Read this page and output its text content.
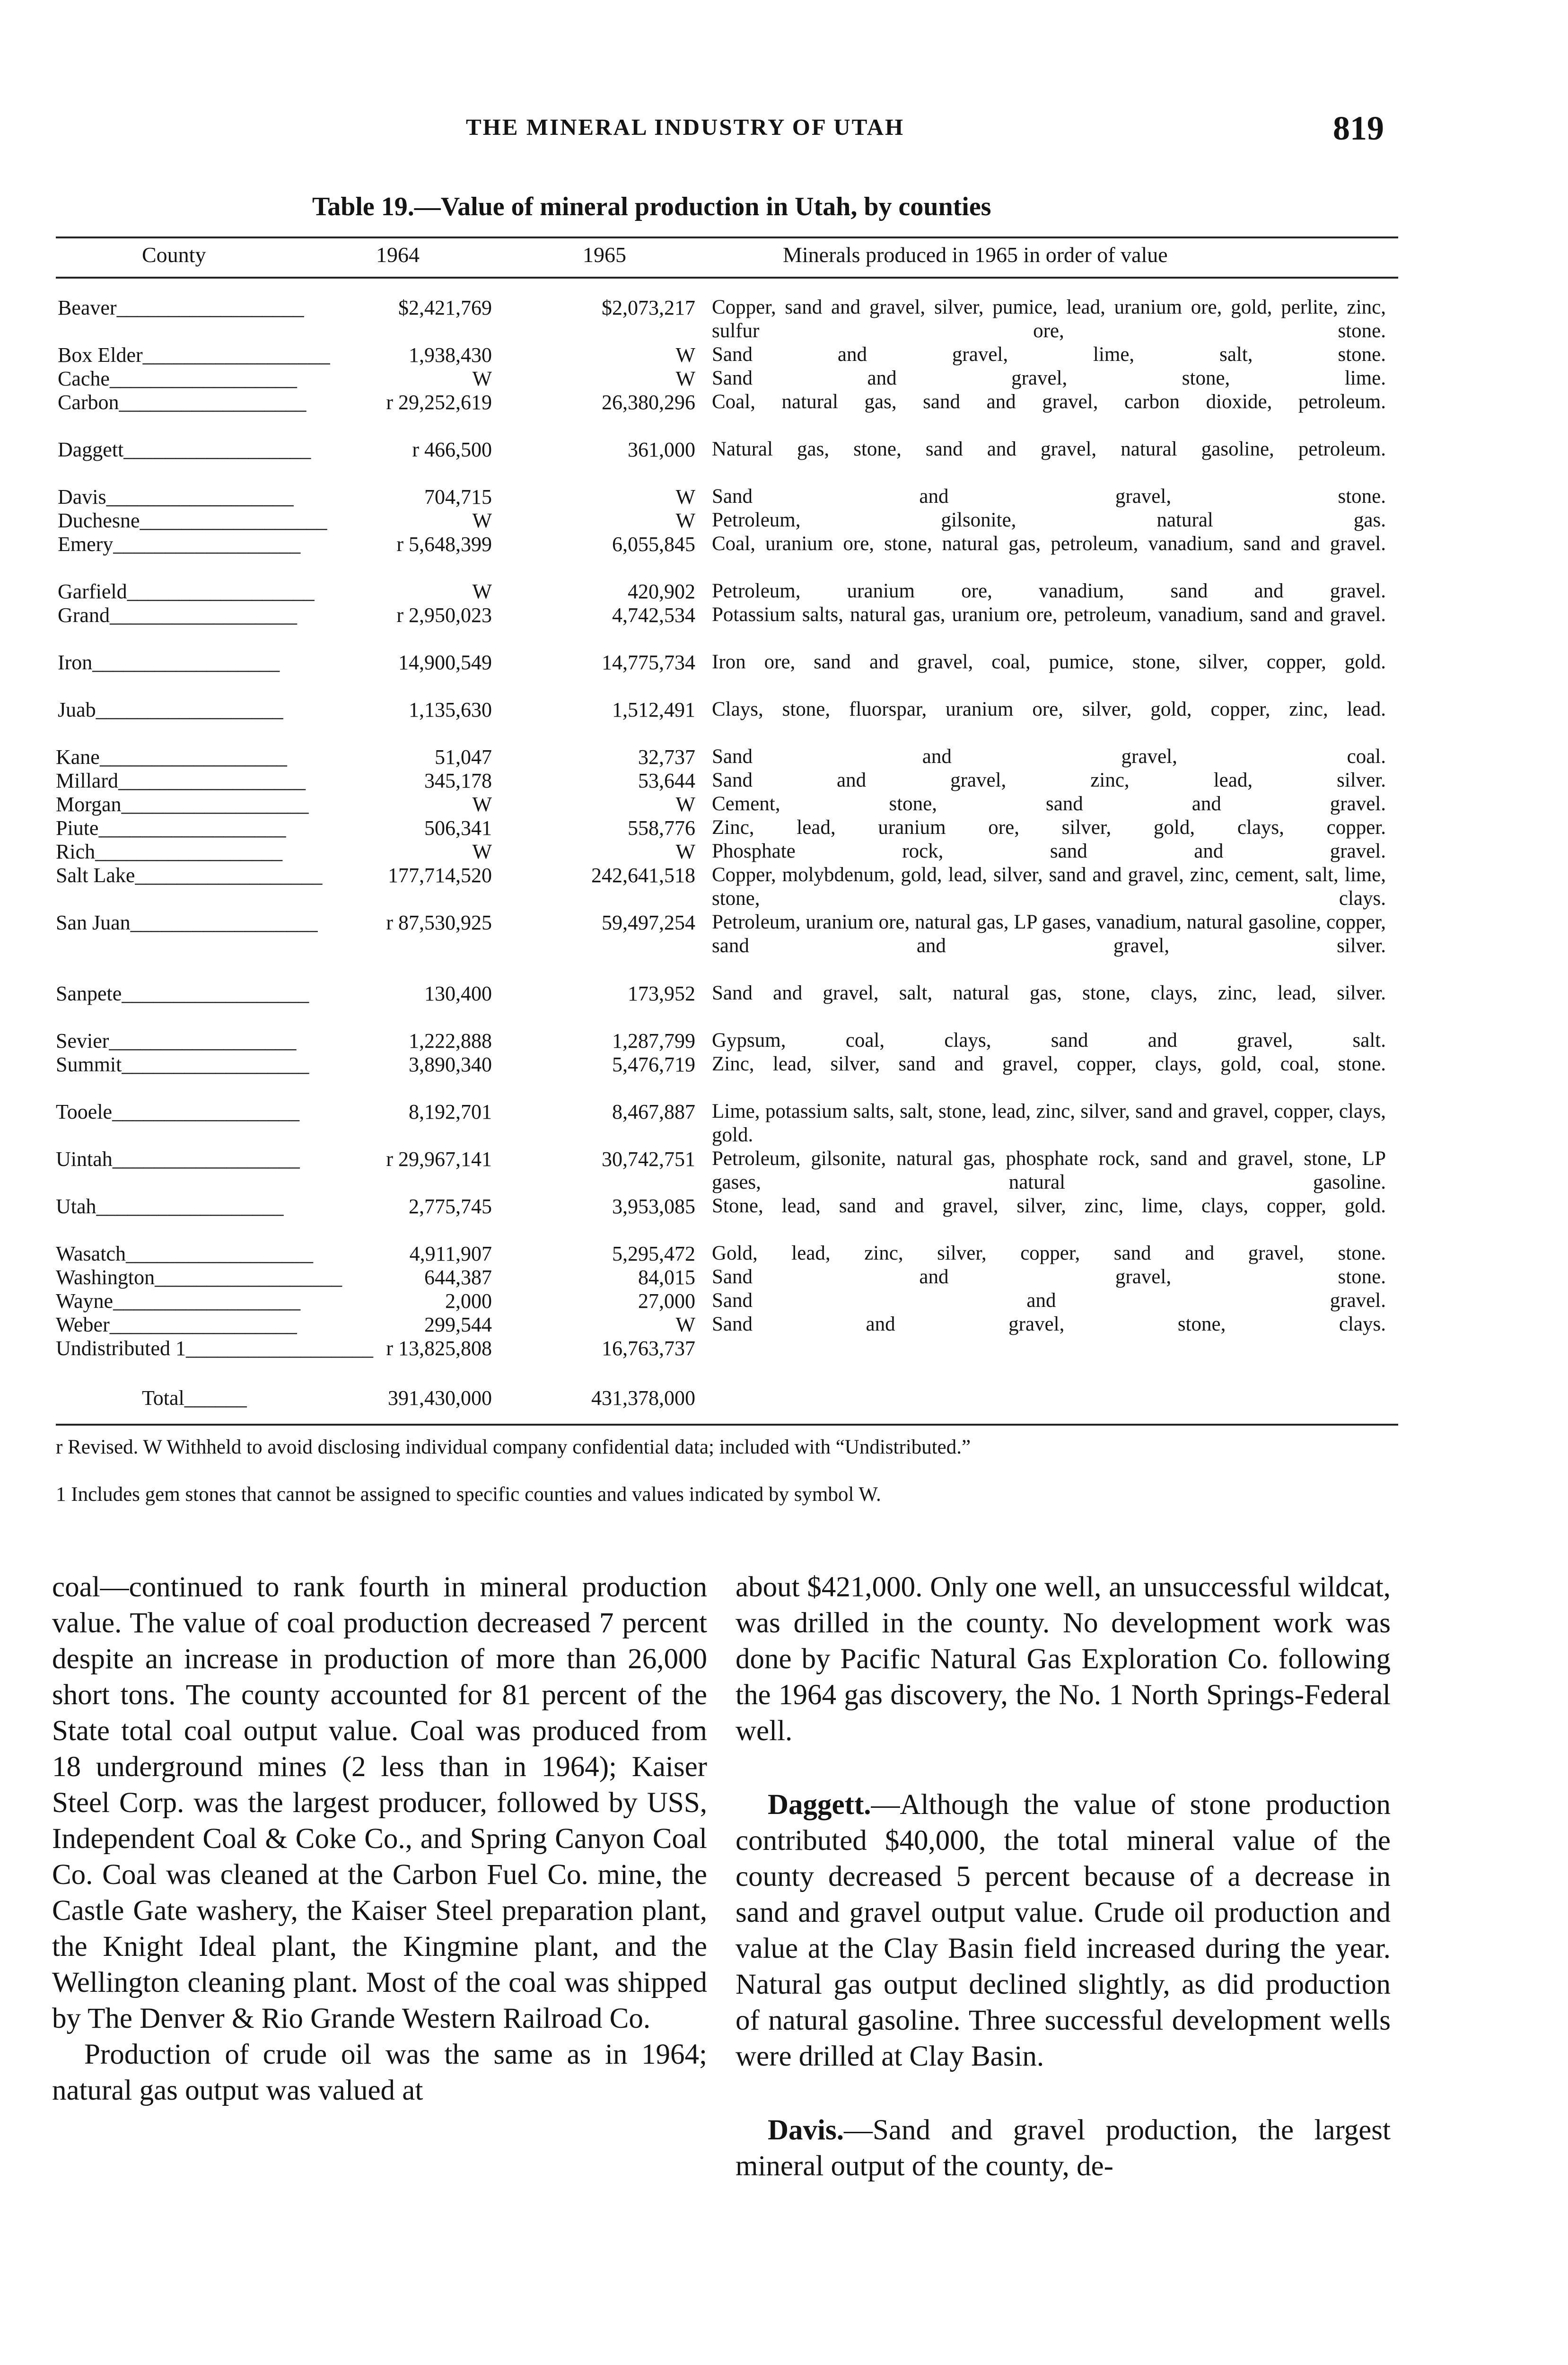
THE MINERAL INDUSTRY OF UTAH	819
Table 19.—Value of mineral production in Utah, by counties
County	1964	1965	Minerals produced in 1965 in order of value
Beaver__________________	$2,421,769	$2,073,217 Copper, sand and gravel, silver, pumice, lead, uranium ore, gold, perlite, zinc, sulfur ore, stone.
Box Elder__________________	1,938,430	W Sand and gravel, lime, salt, stone.
Cache__________________	W	W Sand and gravel, stone, lime.
Carbon__________________	r 29,252,619	26,380,296 Coal, natural gas, sand and gravel, carbon dioxide, petroleum.
Daggett__________________	r 466,500	361,000 Natural gas, stone, sand and gravel, natural gasoline, petroleum.
Davis__________________	704,715	W Sand and gravel, stone.
Duchesne__________________	W	W Petroleum, gilsonite, natural gas.
Emery__________________	r 5,648,399	6,055,845 Coal, uranium ore, stone, natural gas, petroleum, vanadium, sand and gravel.
Garfield__________________	W	420,902 Petroleum, uranium ore, vanadium, sand and gravel.
Grand__________________	r 2,950,023	4,742,534 Potassium salts, natural gas, uranium ore, petroleum, vanadium, sand and gravel.
Iron__________________	14,900,549	14,775,734 Iron ore, sand and gravel, coal, pumice, stone, silver, copper, gold.
Juab__________________	1,135,630	1,512,491 Clays, stone, fluorspar, uranium ore, silver, gold, copper, zinc, lead.
Kane__________________	51,047	32,737 Sand and gravel, coal.
Millard__________________	345,178	53,644 Sand and gravel, zinc, lead, silver.
Morgan__________________	W	W Cement, stone, sand and gravel.
Piute__________________	506,341	558,776 Zinc, lead, uranium ore, silver, gold, clays, copper.
Rich__________________	W	W Phosphate rock, sand and gravel.
Salt Lake__________________	177,714,520	242,641,518 Copper, molybdenum, gold, lead, silver, sand and gravel, zinc, cement, salt, lime, stone, clays.
San Juan__________________	r 87,530,925	59,497,254 Petroleum, uranium ore, natural gas, LP gases, vanadium, natural gasoline, copper, sand and gravel, silver.
Sanpete__________________	130,400	173,952 Sand and gravel, salt, natural gas, stone, clays, zinc, lead, silver.
Sevier__________________	1,222,888	1,287,799 Gypsum, coal, clays, sand and gravel, salt.
Summit__________________	3,890,340	5,476,719 Zinc, lead, silver, sand and gravel, copper, clays, gold, coal, stone.
Tooele__________________	8,192,701	8,467,887 Lime, potassium salts, salt, stone, lead, zinc, silver, sand and gravel, copper, clays, gold.
Uintah__________________	r 29,967,141	30,742,751 Petroleum, gilsonite, natural gas, phosphate rock, sand and gravel, stone, LP gases, natural gasoline.
Utah__________________	2,775,745	3,953,085 Stone, lead, sand and gravel, silver, zinc, lime, clays, copper, gold.
Wasatch__________________	4,911,907	5,295,472 Gold, lead, zinc, silver, copper, sand and gravel, stone.
Washington__________________	644,387	84,015 Sand and gravel, stone.
Wayne__________________	2,000	27,000 Sand and gravel.
Weber__________________	299,544	W Sand and gravel, stone, clays.
Undistributed 1__________________ r 13,825,808	16,763,737
Total______	391,430,000	431,378,000
r Revised. W Withheld to avoid disclosing individual company confidential data; included with “Undistributed.”
1 Includes gem stones that cannot be assigned to specific counties and values indicated by symbol W.

coal—continued to rank fourth in mineral production value. The value of coal production decreased 7 percent despite an increase in production of more than 26,000 short tons. The county accounted for 81 percent of the State total coal output value. Coal was produced from 18 underground mines (2 less than in 1964); Kaiser Steel Corp. was the largest producer, followed by USS, Independent Coal & Coke Co., and Spring Canyon Coal Co. Coal was cleaned at the Carbon Fuel Co. mine, the Castle Gate washery, the Kaiser Steel preparation plant, the Knight Ideal plant, the Kingmine plant, and the Wellington cleaning plant. Most of the coal was shipped by The Denver & Rio Grande Western Railroad Co.

Production of crude oil was the same as in 1964; natural gas output was valued at

about $421,000. Only one well, an unsuccessful wildcat, was drilled in the county. No development work was done by Pacific Natural Gas Exploration Co. following the 1964 gas discovery, the No. 1 North Springs-Federal well.

Daggett.—Although the value of stone production contributed $40,000, the total mineral value of the county decreased 5 percent because of a decrease in sand and gravel output value. Crude oil production and value at the Clay Basin field increased during the year. Natural gas output declined slightly, as did production of natural gasoline. Three successful development wells were drilled at Clay Basin.

Davis.—Sand and gravel production, the largest mineral output of the county, de-
